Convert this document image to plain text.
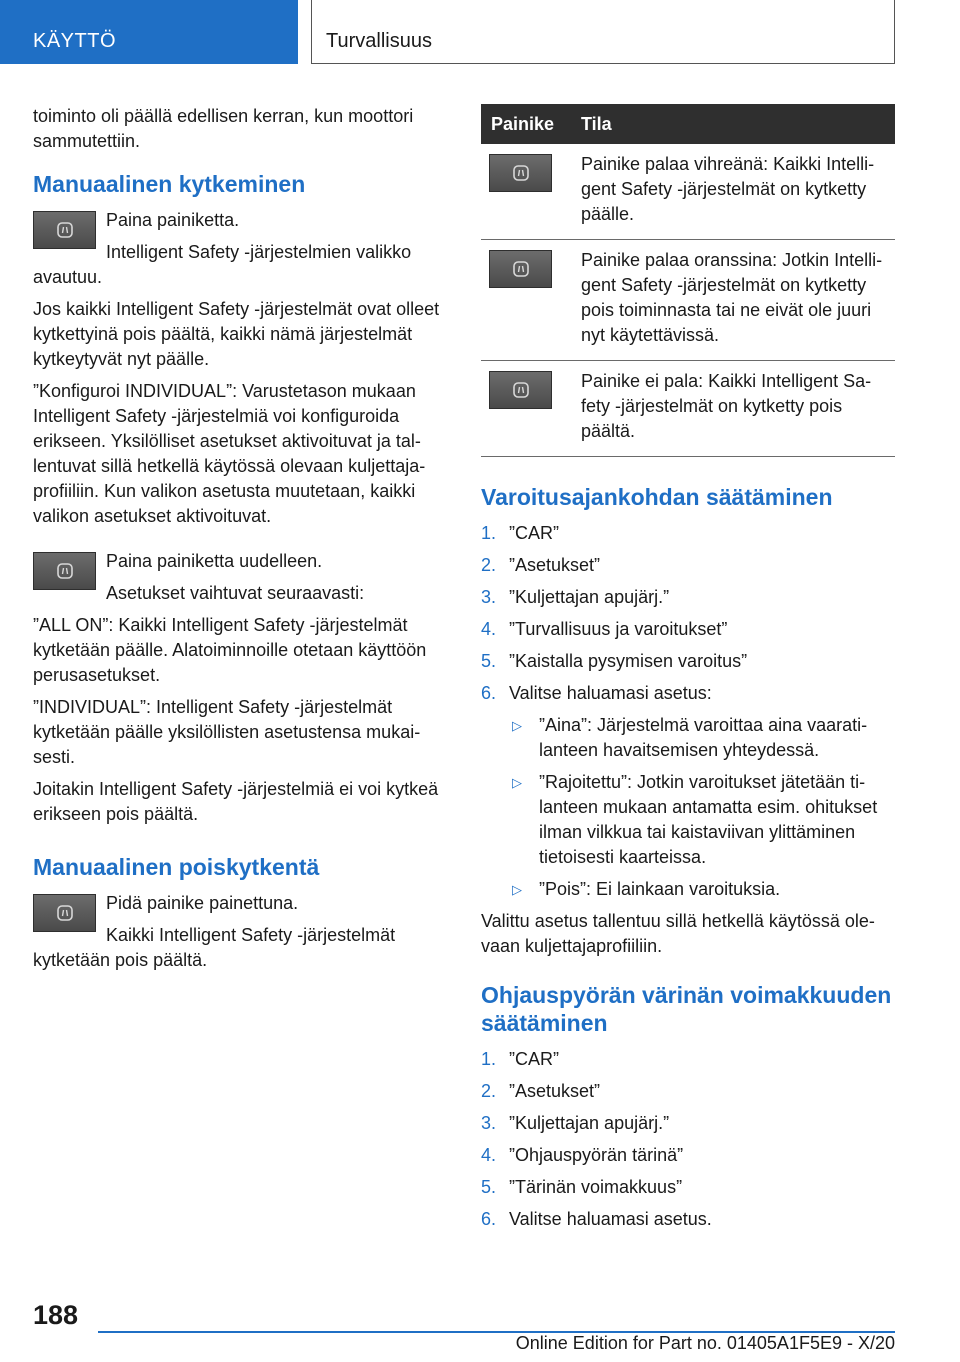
KÄYTTÖ	Turvallisuus

toiminto oli päällä edellisen kerran, kun moottori sammutettiin.

Manuaalinen kytkeminen

Paina painiketta.

Intelligent Safety -järjestelmien valikko avautuu.

Jos kaikki Intelligent Safety -järjestelmät ovat olleet kytkettyinä pois päältä, kaikki nämä järjestelmät kytkeytyvät nyt päälle.

”Konfiguroi INDIVIDUAL”: Varustetason mukaan Intelligent Safety -järjestelmiä voi konfiguroida erikseen. Yksilölliset asetukset aktivoituvat ja tallentuvat sillä hetkellä käytössä olevaan kuljettajaprofiiliin. Kun valikon asetusta muutetaan, kaikki valikon asetukset aktivoituvat.

Paina painiketta uudelleen.

Asetukset vaihtuvat seuraavasti:

”ALL ON”: Kaikki Intelligent Safety -järjestelmät kytketään päälle. Alatoiminnoille otetaan käyttöön perusasetukset.

”INDIVIDUAL”: Intelligent Safety -järjestelmät kytketään päälle yksilöllisten asetustensa mukaisesti.

Joitakin Intelligent Safety -järjestelmiä ei voi kytkeä erikseen pois päältä.

Manuaalinen poiskytkentä

Pidä painike painettuna.

Kaikki Intelligent Safety -järjestelmät kytketään pois päältä.

Painike	Tila

	Painike palaa vihreänä: Kaikki Intelligent Safety -järjestelmät on kytketty päälle.

	Painike palaa oranssina: Jotkin Intelligent Safety -järjestelmät on kytketty pois toiminnasta tai ne eivät ole juuri nyt käytettävissä.

	Painike ei pala: Kaikki Intelligent Safety -järjestelmät on kytketty pois päältä.
Varoitusajankohdan säätäminen
1. ”CAR”
2. ”Asetukset”
3. ”Kuljettajan apujärj.”
4. ”Turvallisuus ja varoitukset”
5. ”Kaistalla pysymisen varoitus”
6. Valitse haluamasi asetus:
▷ ”Aina”: Järjestelmä varoittaa aina vaaratilanteen havaitsemisen yhteydessä.
▷ ”Rajoitettu”: Jotkin varoitukset jätetään tilanteen mukaan antamatta esim. ohitukset ilman vilkkua tai kaistaviivan ylittäminen tietoisesti kaarteissa.
▷ ”Pois”: Ei lainkaan varoituksia.

Valittu asetus tallentuu sillä hetkellä käytössä olevaan kuljettajaprofiiliin.

Ohjauspyörän värinän voimakkuuden säätäminen
1. ”CAR”
2. ”Asetukset”
3. ”Kuljettajan apujärj.”
4. ”Ohjauspyörän tärinä”
5. ”Tärinän voimakkuus”
6. Valitse haluamasi asetus.
188
Online Edition for Part no. 01405A1F5E9 - X/20
